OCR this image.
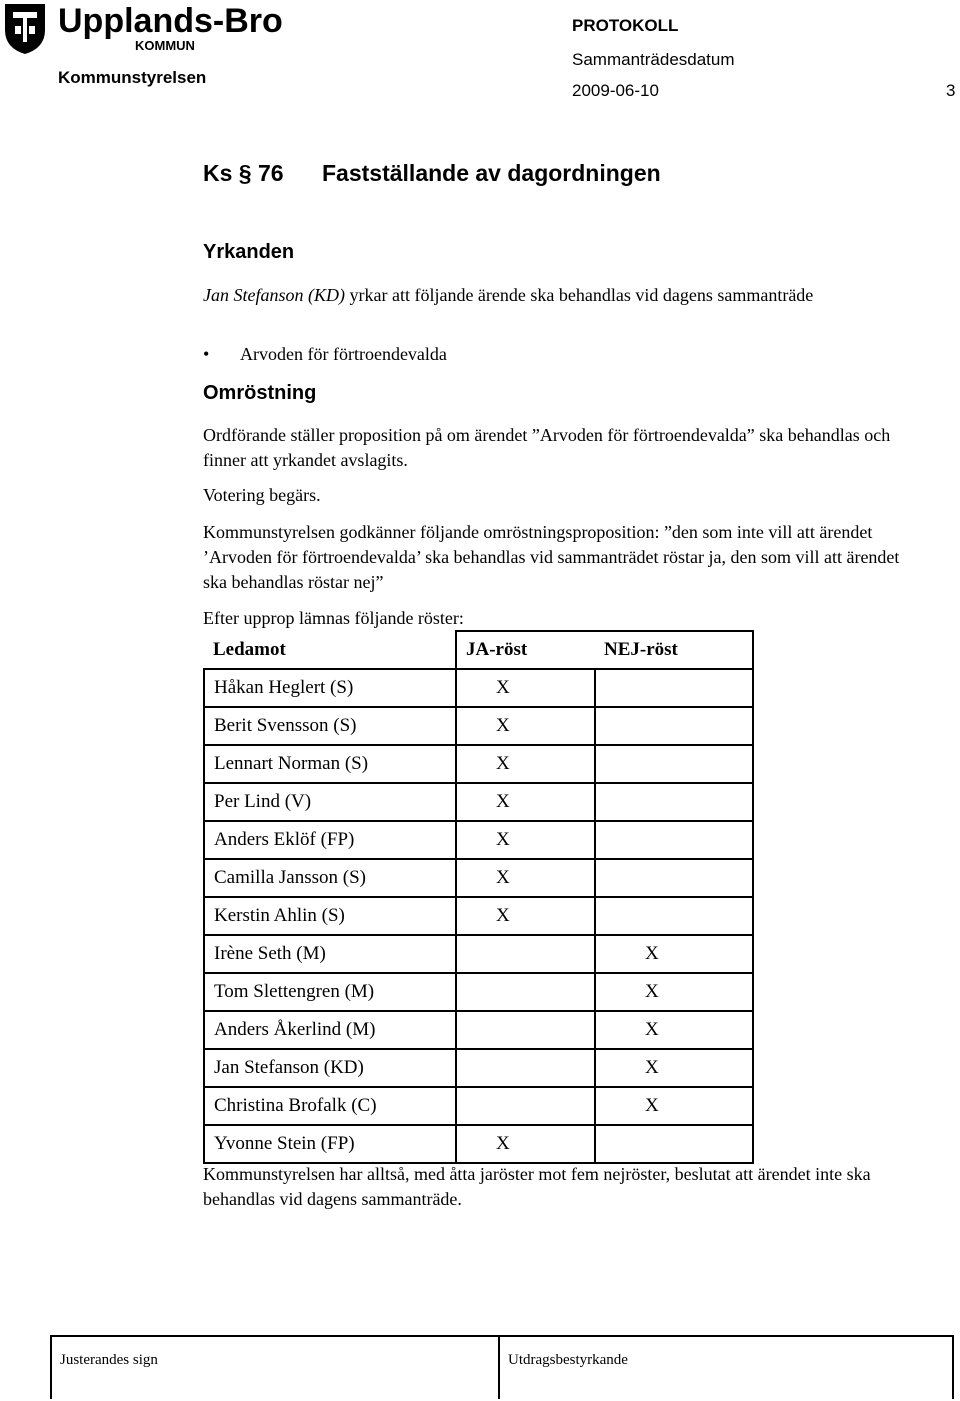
Upplands-Bro
KOMMUN
Kommunstyrelsen
PROTOKOLL
Sammanträdesdatum
2009-06-10	3
Ks § 76 Fastställande av dagordningen
Yrkanden
Jan Stefanson (KD) yrkar att följande ärende ska behandlas vid dagens sammanträde
• Arvoden för förtroendevalda
Omröstning
Ordförande ställer proposition på om ärendet ”Arvoden för förtroendevalda” ska behandlas och finner att yrkandet avslagits.
Votering begärs.
Kommunstyrelsen godkänner följande omröstningsproposition: ”den som inte vill att ärendet ’Arvoden för förtroendevalda’ ska behandlas vid sammanträdet röstar ja, den som vill att ärendet ska behandlas röstar nej”
Efter upprop lämnas följande röster:
Ledamot	JA-röst	NEJ-röst
Håkan Heglert (S)	X	
Berit Svensson (S)	X	
Lennart Norman (S)	X	
Per Lind (V)	X	
Anders Eklöf (FP)	X	
Camilla Jansson (S)	X	
Kerstin Ahlin (S)	X	
Irène Seth (M)		X
Tom Slettengren (M)		X
Anders Åkerlind (M)		X
Jan Stefanson (KD)		X
Christina Brofalk (C)		X
Yvonne Stein (FP)	X	
Kommunstyrelsen har alltså, med åtta jaröster mot fem nejröster, beslutat att ärendet inte ska behandlas vid dagens sammanträde.
Justerandes sign	Utdragsbestyrkande
